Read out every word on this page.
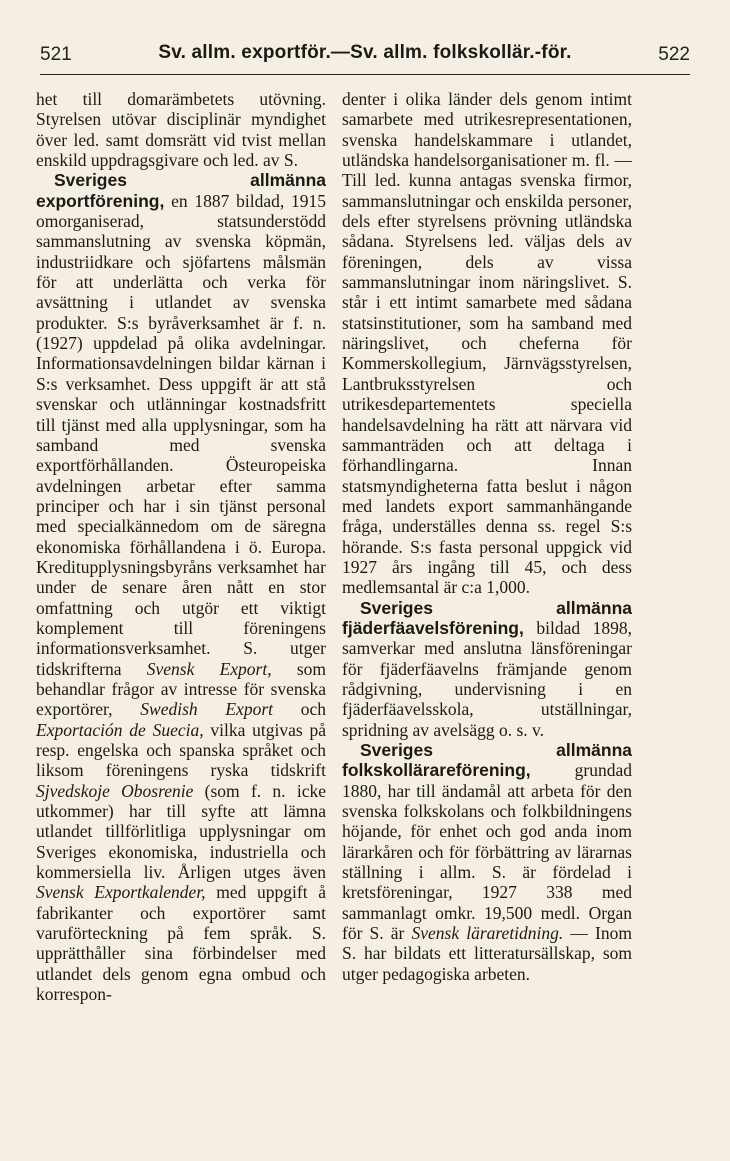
521	Sv. allm. exportför.—Sv. allm. folkskollär.-för.	522

het till domarämbetets utövning. Styrelsen utövar disciplinär myndighet över led. samt domsrätt vid tvist mellan enskild uppdragsgivare och led. av S.

Sveriges allmänna exportförening, en 1887 bildad, 1915 omorganiserad, statsunderstödd sammanslutning av svenska köpmän, industriidkare och sjöfartens målsmän för att underlätta och verka för avsättning i utlandet av svenska produkter. S:s byråverksamhet är f. n. (1927) uppdelad på olika avdelningar. Informationsavdelningen bildar kärnan i S:s verksamhet. Dess uppgift är att stå svenskar och utlänningar kostnadsfritt till tjänst med alla upplysningar, som ha samband med svenska exportförhållanden. Östeuropeiska avdelningen arbetar efter samma principer och har i sin tjänst personal med specialkännedom om de säregna ekonomiska förhållandena i ö. Europa. Kreditupplysningsbyråns verksamhet har under de senare åren nått en stor omfattning och utgör ett viktigt komplement till föreningens informationsverksamhet. S. utger tidskrifterna Svensk Export, som behandlar frågor av intresse för svenska exportörer, Swedish Export och Exportación de Suecia, vilka utgivas på resp. engelska och spanska språket och liksom föreningens ryska tidskrift Sjvedskoje Obosrenie (som f. n. icke utkommer) har till syfte att lämna utlandet tillförlitliga upplysningar om Sveriges ekonomiska, industriella och kommersiella liv. Årligen utges även Svensk Exportkalender, med uppgift å fabrikanter och exportörer samt varuförteckning på fem språk. S. upprätthåller sina förbindelser med utlandet dels genom egna ombud och korrespon-

denter i olika länder dels genom intimt samarbete med utrikesrepresentationen, svenska handelskammare i utlandet, utländska handelsorganisationer m. fl. — Till led. kunna antagas svenska firmor, sammanslutningar och enskilda personer, dels efter styrelsens prövning utländska sådana. Styrelsens led. väljas dels av föreningen, dels av vissa sammanslutningar inom näringslivet. S. står i ett intimt samarbete med sådana statsinstitutioner, som ha samband med näringslivet, och cheferna för Kommerskollegium, Järnvägsstyrelsen, Lantbruksstyrelsen och utrikesdepartementets speciella handelsavdelning ha rätt att närvara vid sammanträden och att deltaga i förhandlingarna. Innan statsmyndigheterna fatta beslut i någon med landets export sammanhängande fråga, underställes denna ss. regel S:s hörande. S:s fasta personal uppgick vid 1927 års ingång till 45, och dess medlemsantal är c:a 1,000.

Sveriges allmänna fjäderfäavelsförening, bildad 1898, samverkar med anslutna länsföreningar för fjäderfäavelns främjande genom rådgivning, undervisning i en fjäderfäavelsskola, utställningar, spridning av avelsägg o. s. v.

Sveriges allmänna folkskollärareförening, grundad 1880, har till ändamål att arbeta för den svenska folkskolans och folkbildningens höjande, för enhet och god anda inom lärarkåren och för förbättring av lärarnas ställning i allm. S. är fördelad i kretsföreningar, 1927 338 med sammanlagt omkr. 19,500 medl. Organ för S. är Svensk läraretidning. — Inom S. har bildats ett litteratursällskap, som utger pedagogiska arbeten.
